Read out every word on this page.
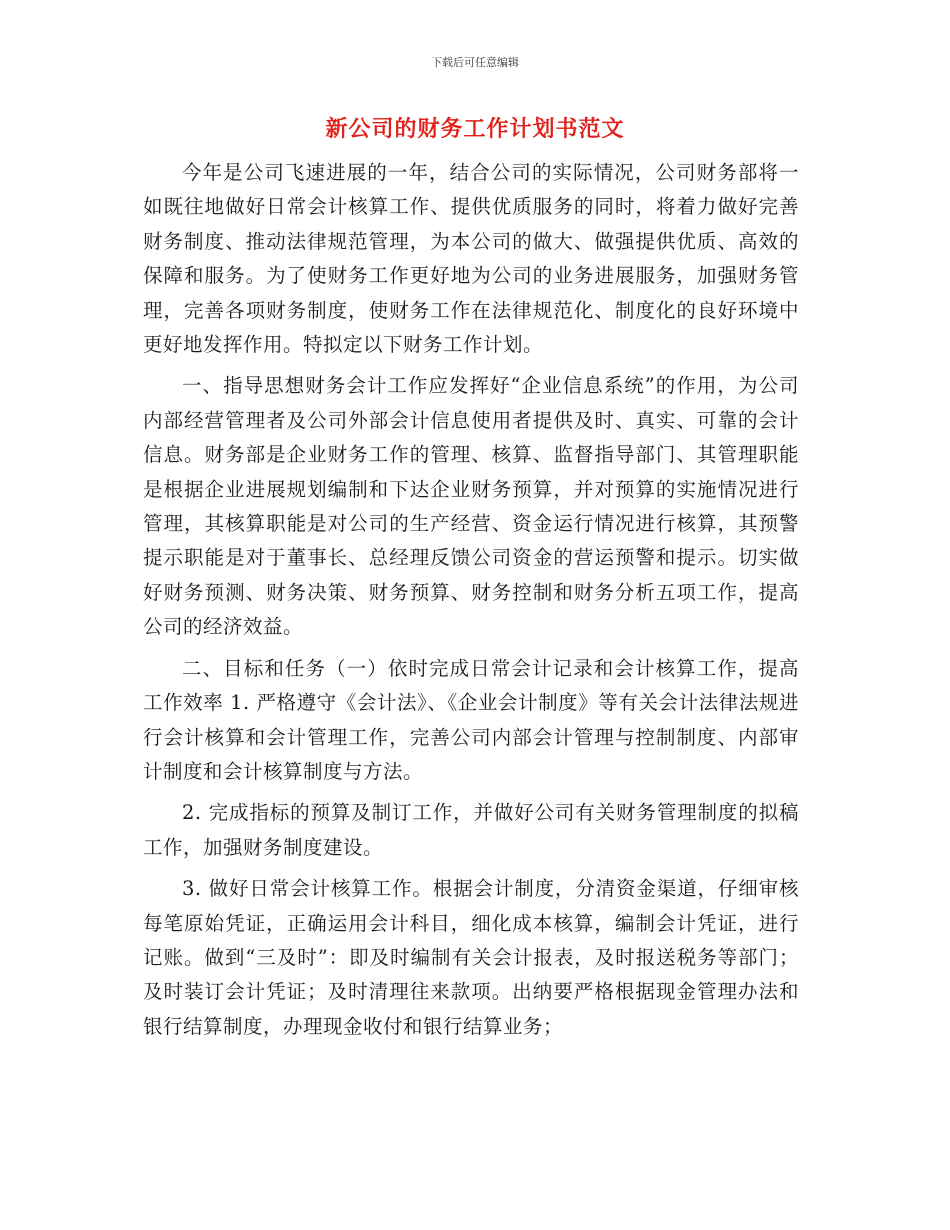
下载后可任意编辑
新公司的财务工作计划书范文

今年是公司飞速进展的一年，结合公司的实际情况，公司财务部将一如既往地做好日常会计核算工作、提供优质服务的同时，将着力做好完善财务制度、推动法律规范管理，为本公司的做大、做强提供优质、高效的保障和服务。为了使财务工作更好地为公司的业务进展服务，加强财务管理，完善各项财务制度，使财务工作在法律规范化、制度化的良好环境中更好地发挥作用。特拟定以下财务工作计划。

一、指导思想财务会计工作应发挥好“企业信息系统”的作用，为公司内部经营管理者及公司外部会计信息使用者提供及时、真实、可靠的会计信息。财务部是企业财务工作的管理、核算、监督指导部门、其管理职能是根据企业进展规划编制和下达企业财务预算，并对预算的实施情况进行管理，其核算职能是对公司的生产经营、资金运行情况进行核算，其预警提示职能是对于董事长、总经理反馈公司资金的营运预警和提示。切实做好财务预测、财务决策、财务预算、财务控制和财务分析五项工作，提高公司的经济效益。

二、目标和任务（一）依时完成日常会计记录和会计核算工作，提高工作效率 1. 严格遵守《会计法》、《企业会计制度》等有关会计法律法规进行会计核算和会计管理工作，完善公司内部会计管理与控制制度、内部审计制度和会计核算制度与方法。

2. 完成指标的预算及制订工作，并做好公司有关财务管理制度的拟稿工作，加强财务制度建设。

3. 做好日常会计核算工作。根据会计制度，分清资金渠道，仔细审核每笔原始凭证，正确运用会计科目，细化成本核算，编制会计凭证，进行记账。做到“三及时”：即及时编制有关会计报表，及时报送税务等部门；及时装订会计凭证；及时清理往来款项。出纳要严格根据现金管理办法和银行结算制度，办理现金收付和银行结算业务；
